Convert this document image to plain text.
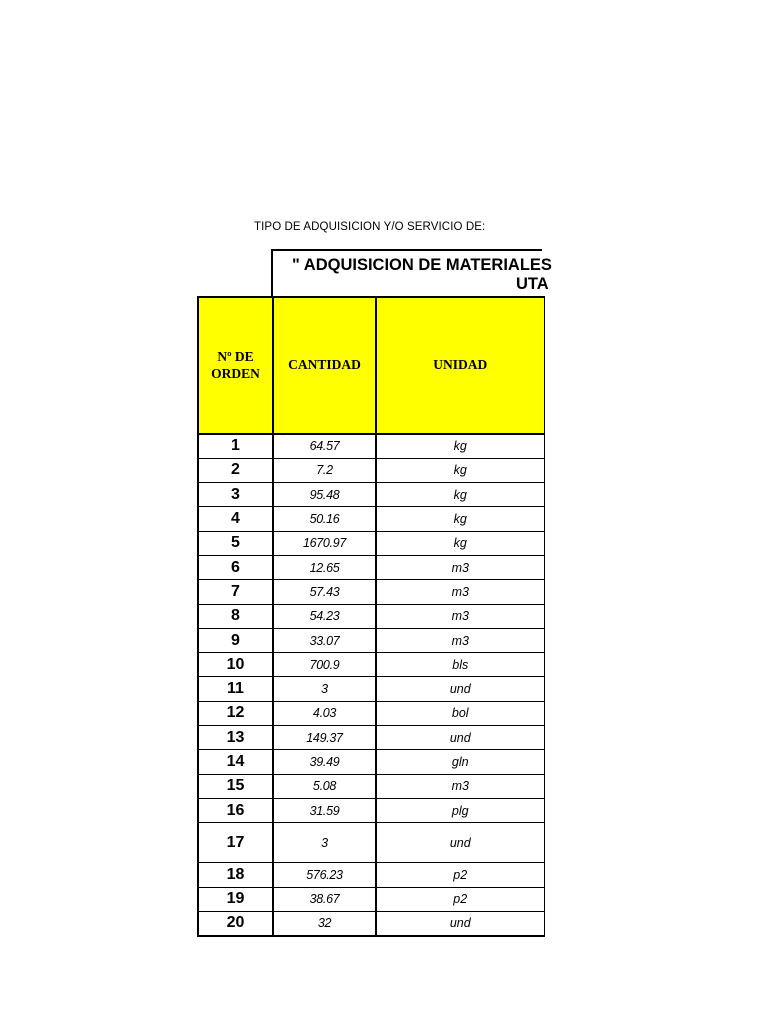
TIPO DE ADQUISICION Y/O SERVICIO DE:
" ADQUISICION DE MATERIALES
UTA
Nº DE
ORDEN	CANTIDAD	UNIDAD
1	64.57	kg
2	7.2	kg
3	95.48	kg
4	50.16	kg
5	1670.97	kg
6	12.65	m3
7	57.43	m3
8	54.23	m3
9	33.07	m3
10	700.9	bls
11	3	und
12	4.03	bol
13	149.37	und
14	39.49	gln
15	5.08	m3
16	31.59	plg
17	3	und
18	576.23	p2
19	38.67	p2
20	32	und
